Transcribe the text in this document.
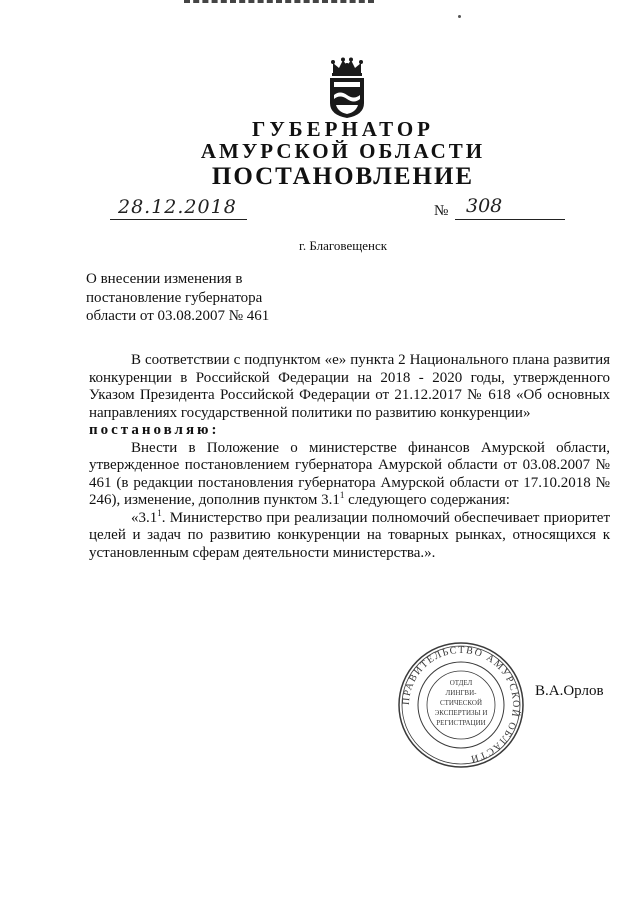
ГУБЕРНАТОР
АМУРСКОЙ ОБЛАСТИ
ПОСТАНОВЛЕНИЕ
28.12.2018	№ 308
г. Благовещенск
О внесении изменения в
постановление губернатора
области от 03.08.2007 № 461

В соответствии с подпунктом «е» пункта 2 Национального плана развития конкуренции в Российской Федерации на 2018 - 2020 годы, утвержденного Указом Президента Российской Федерации от 21.12.2017 № 618 «Об основных направлениях государственной политики по развитию конкуренции»

постановляю:

Внести в Положение о министерстве финансов Амурской области, утвержденное постановлением губернатора Амурской области от 03.08.2007 № 461 (в редакции постановления губернатора Амурской области от 17.10.2018 № 246), изменение, дополнив пунктом $3.1^1$ следующего содержания:

«$3.1^1$. Министерство при реализации полномочий обеспечивает приоритет целей и задач по развитию конкуренции на товарных рынках, относящихся к установленным сферам деятельности министерства.».

ПРАВИТЕЛЬСТВО АМУРСКОЙ ОБЛАСТИ
ОТДЕЛ
ЛИНГВИ-
СТИЧЕСКОЙ
ЭКСПЕРТИЗЫ И
РЕГИСТРАЦИИ
В.А.Орлов
